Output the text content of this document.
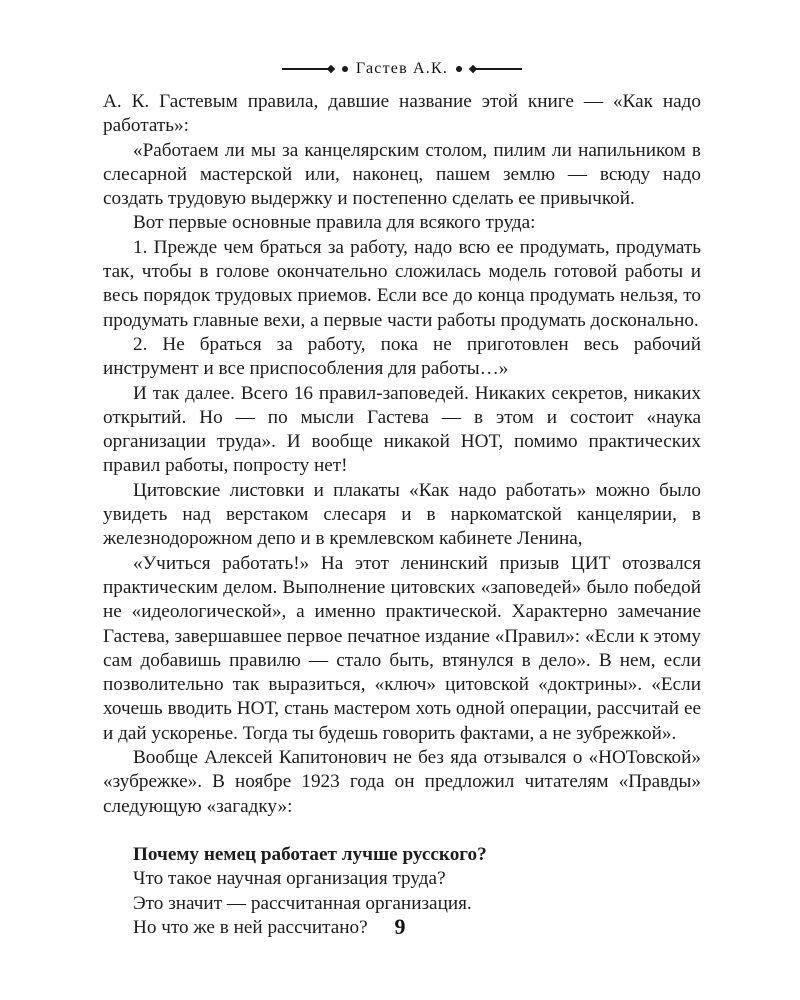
Гастев А.К.

А. К. Гастевым правила, давшие название этой книге — «Как надо работать»:

«Работаем ли мы за канцелярским столом, пилим ли напильником в слесарной мастерской или, наконец, пашем землю — всюду надо создать трудовую выдержку и постепенно сделать ее привычкой.

Вот первые основные правила для всякого труда:

1. Прежде чем браться за работу, надо всю ее продумать, продумать так, чтобы в голове окончательно сложилась модель готовой работы и весь порядок трудовых приемов. Если все до конца продумать нельзя, то продумать главные вехи, а первые части работы продумать досконально.

2. Не браться за работу, пока не приготовлен весь рабочий инструмент и все приспособления для работы…»

И так далее. Всего 16 правил-заповедей. Никаких секретов, никаких открытий. Но — по мысли Гастева — в этом и состоит «наука организации труда». И вообще никакой НОТ, помимо практических правил работы, попросту нет!

Цитовские листовки и плакаты «Как надо работать» можно было увидеть над верстаком слесаря и в наркоматской канцелярии, в железнодорожном депо и в кремлевском кабинете Ленина,

«Учиться работать!» На этот ленинский призыв ЦИТ отозвался практическим делом. Выполнение цитовских «заповедей» было победой не «идеологической», а именно практической. Характерно замечание Гастева, завершавшее первое печатное издание «Правил»: «Если к этому сам добавишь правилю — стало быть, втянулся в дело». В нем, если позволительно так выразиться, «ключ» цитовской «доктрины». «Если хочешь вводить НОТ, стань мастером хоть одной операции, рассчитай ее и дай ускоренье. Тогда ты будешь говорить фактами, а не зубрежкой».

Вообще Алексей Капитонович не без яда отзывался о «НОТовской» «зубрежке». В ноябре 1923 года он предложил читателям «Правды» следующую «загадку»:

Почему немец работает лучше русского?
Что такое научная организация труда?
Это значит — рассчитанная организация.
Но что же в ней рассчитано?	9
